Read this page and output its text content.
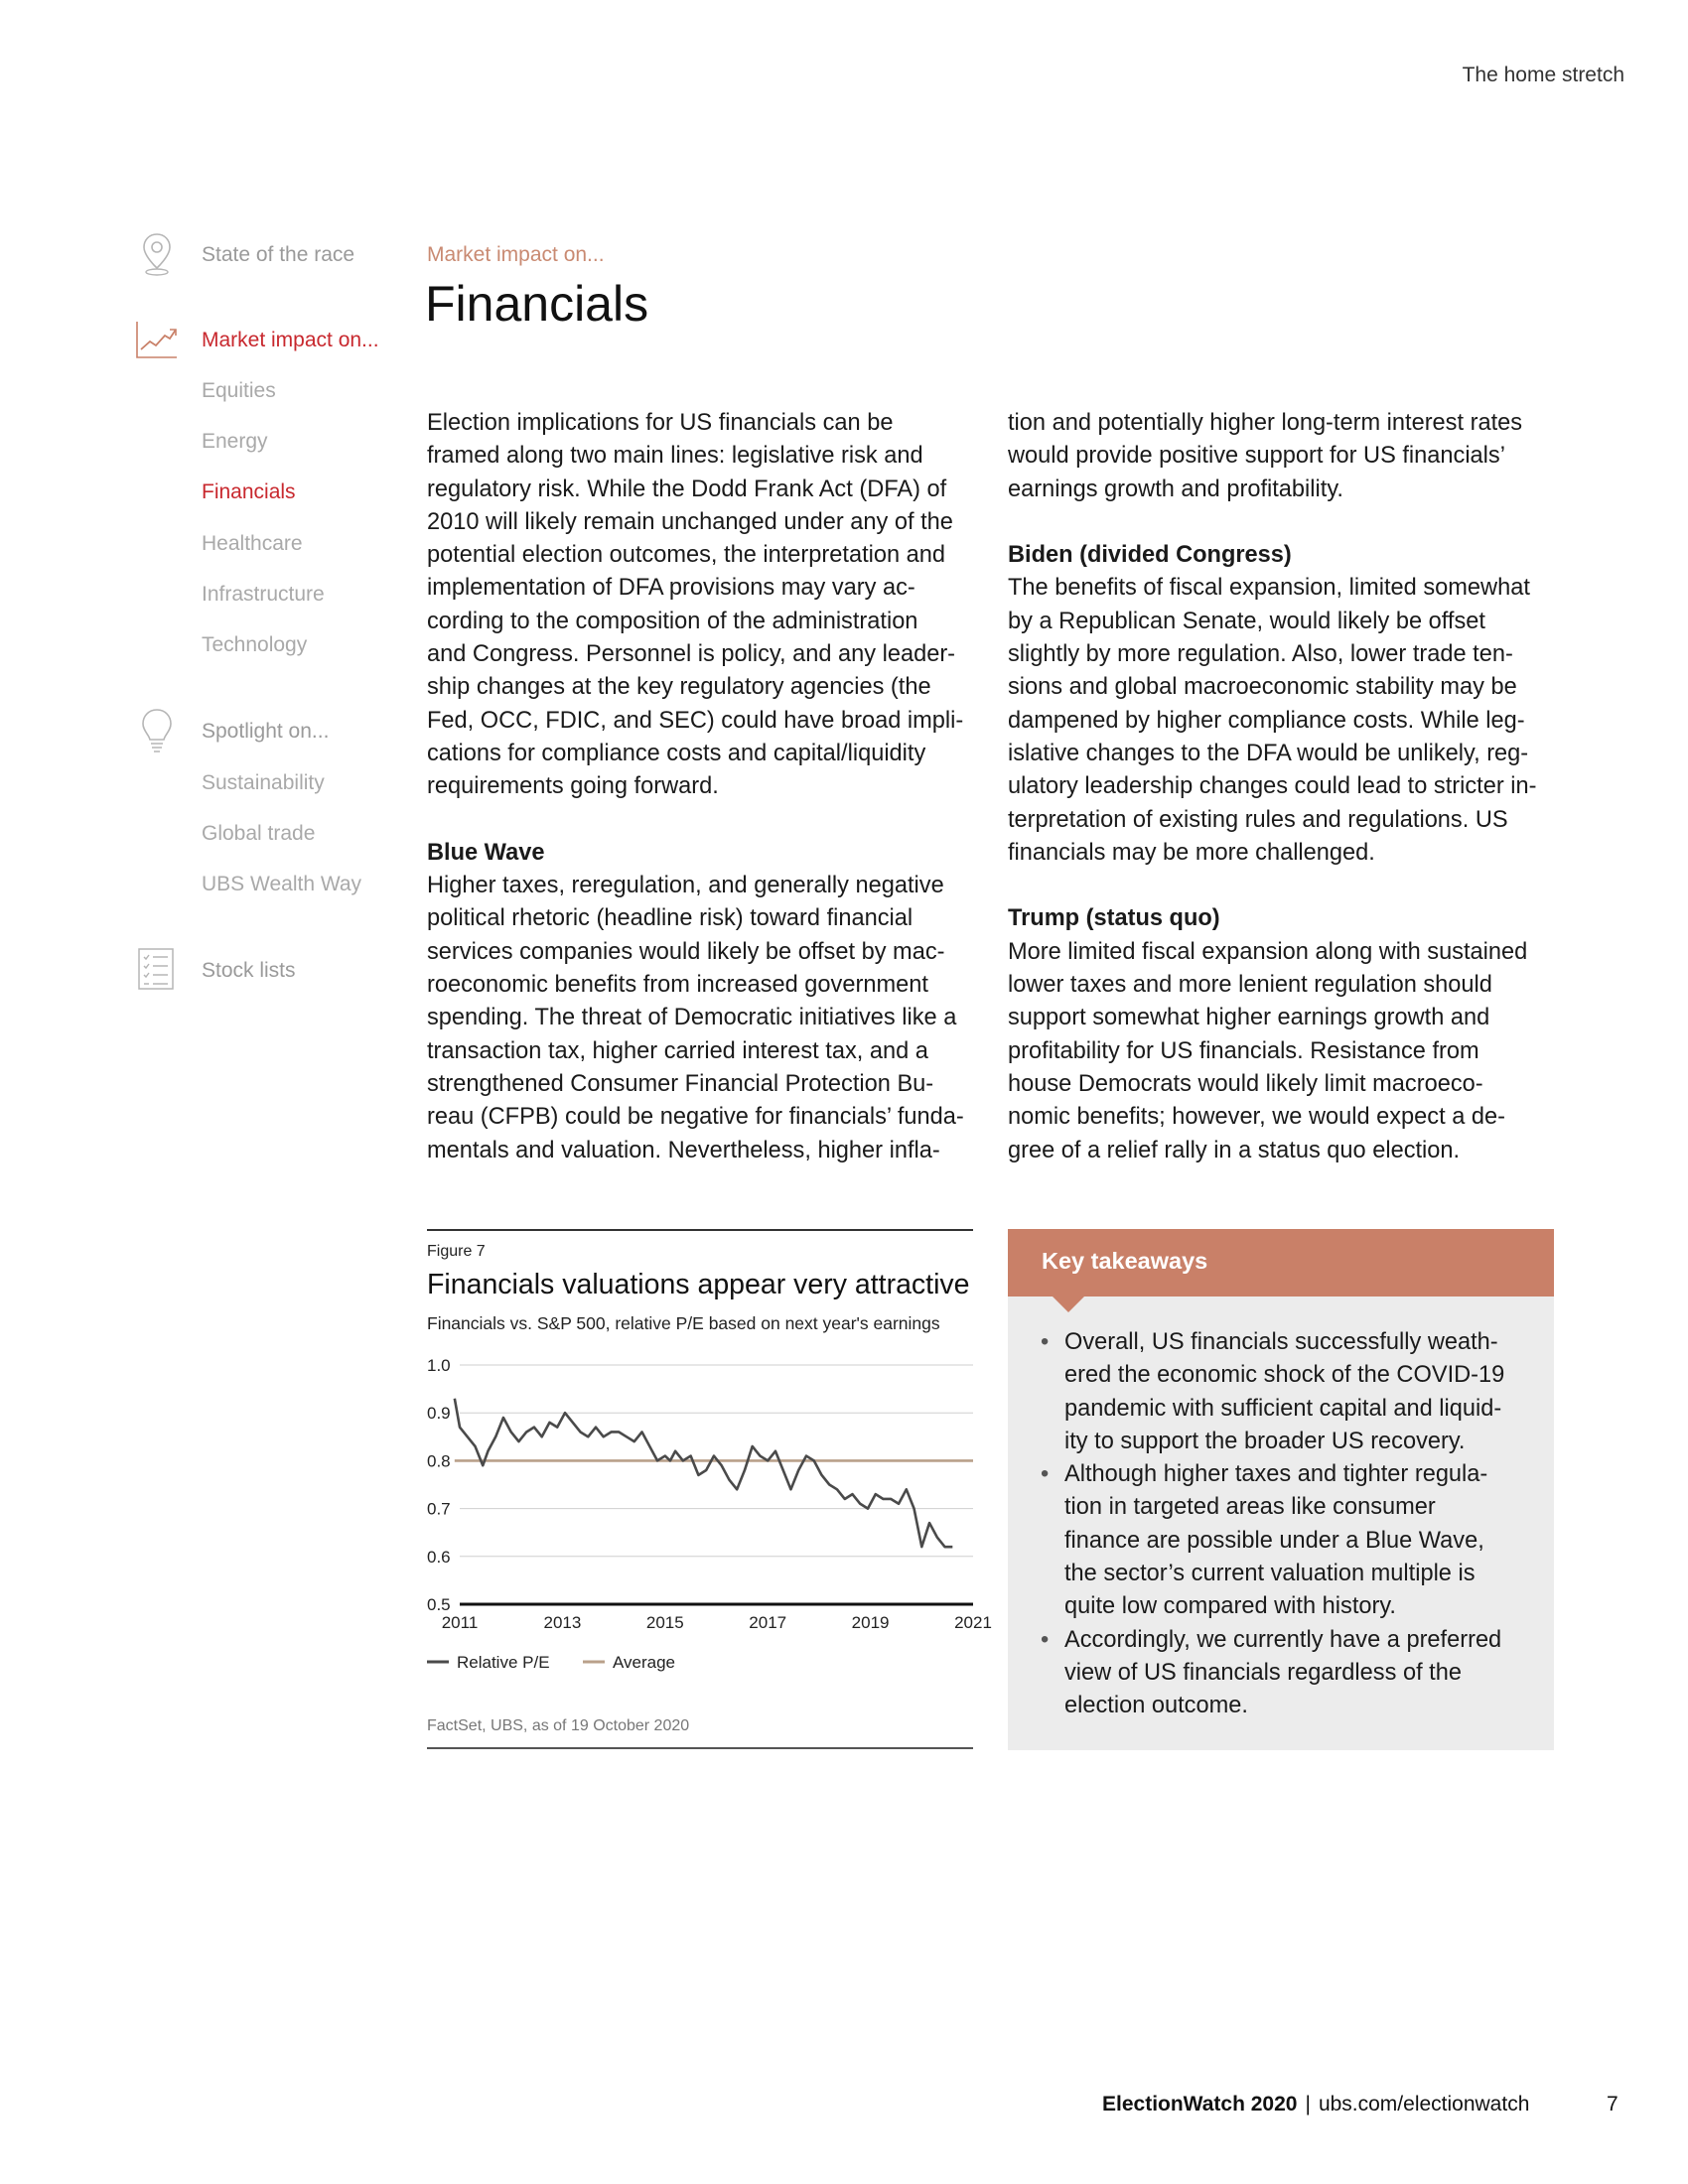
The home stretch
State of the race
Market impact on...
Equities
Energy
Financials
Healthcare
Infrastructure
Technology
Spotlight on...
Sustainability
Global trade
UBS Wealth Way
Stock lists
Market impact on...
Financials
Election implications for US financials can be
framed along two main lines: legislative risk and
regulatory risk. While the Dodd Frank Act (DFA) of
2010 will likely remain unchanged under any of the
potential election outcomes, the interpretation and
implementation of DFA provisions may vary ac-
cording to the composition of the administration
and Congress. Personnel is policy, and any leader-
ship changes at the key regulatory agencies (the
Fed, OCC, FDIC, and SEC) could have broad impli-
cations for compliance costs and capital/liquidity
requirements going forward.
Blue Wave
Higher taxes, reregulation, and generally negative
political rhetoric (headline risk) toward financial
services companies would likely be offset by mac-
roeconomic benefits from increased government
spending. The threat of Democratic initiatives like a
transaction tax, higher carried interest tax, and a
strengthened Consumer Financial Protection Bu-
reau (CFPB) could be negative for financials’ funda-
mentals and valuation. Nevertheless, higher infla-
tion and potentially higher long-term interest rates
would provide positive support for US financials’
earnings growth and profitability.
Biden (divided Congress)
The benefits of fiscal expansion, limited somewhat
by a Republican Senate, would likely be offset
slightly by more regulation. Also, lower trade ten-
sions and global macroeconomic stability may be
dampened by higher compliance costs. While leg-
islative changes to the DFA would be unlikely, reg-
ulatory leadership changes could lead to stricter in-
terpretation of existing rules and regulations. US
financials may be more challenged.
Trump (status quo)
More limited fiscal expansion along with sustained
lower taxes and more lenient regulation should
support somewhat higher earnings growth and
profitability for US financials. Resistance from
house Democrats would likely limit macroeco-
nomic benefits; however, we would expect a de-
gree of a relief rally in a status quo election.
Figure 7
Financials valuations appear very attractive
Financials vs. S&P 500, relative P/E based on next year's earnings
1.0
0.9
0.8
0.7
0.6
0.5
2011	2013	2015	2017	2019	2021
Relative P/E	Average
FactSet, UBS, as of 19 October 2020
Key takeaways
• Overall, US financials successfully weath-
ered the economic shock of the COVID-19
pandemic with sufficient capital and liquid-
ity to support the broader US recovery.
• Although higher taxes and tighter regula-
tion in targeted areas like consumer
finance are possible under a Blue Wave,
the sector’s current valuation multiple is
quite low compared with history.
• Accordingly, we currently have a preferred
view of US financials regardless of the
election outcome.
ElectionWatch 2020 | ubs.com/electionwatch	7
